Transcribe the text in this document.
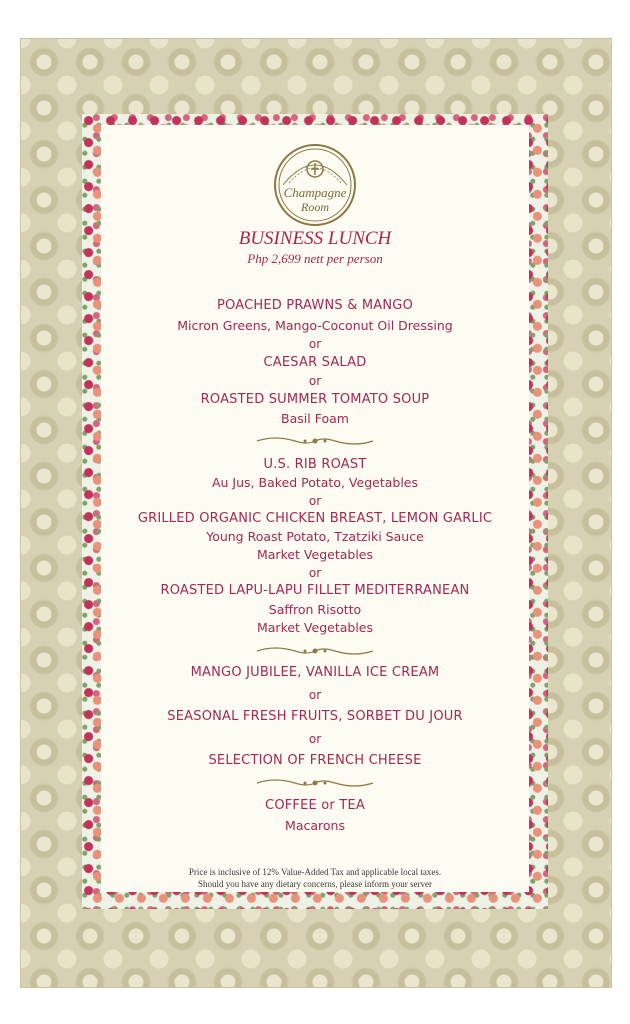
Champagne
Room
BUSINESS LUNCH
Php 2,699 nett per person
POACHED PRAWNS & MANGO
Micron Greens, Mango-Coconut Oil Dressing
or
CAESAR SALAD
or
ROASTED SUMMER TOMATO SOUP
Basil Foam
U.S. RIB ROAST
Au Jus, Baked Potato, Vegetables
or
GRILLED ORGANIC CHICKEN BREAST, LEMON GARLIC
Young Roast Potato, Tzatziki Sauce
Market Vegetables
or
ROASTED LAPU-LAPU FILLET MEDITERRANEAN
Saffron Risotto
Market Vegetables
MANGO JUBILEE, VANILLA ICE CREAM
or
SEASONAL FRESH FRUITS, SORBET DU JOUR
or
SELECTION OF FRENCH CHEESE
COFFEE or TEA
Macarons
Price is inclusive of 12% Value-Added Tax and applicable local taxes.
Should you have any dietary concerns, please inform your server
